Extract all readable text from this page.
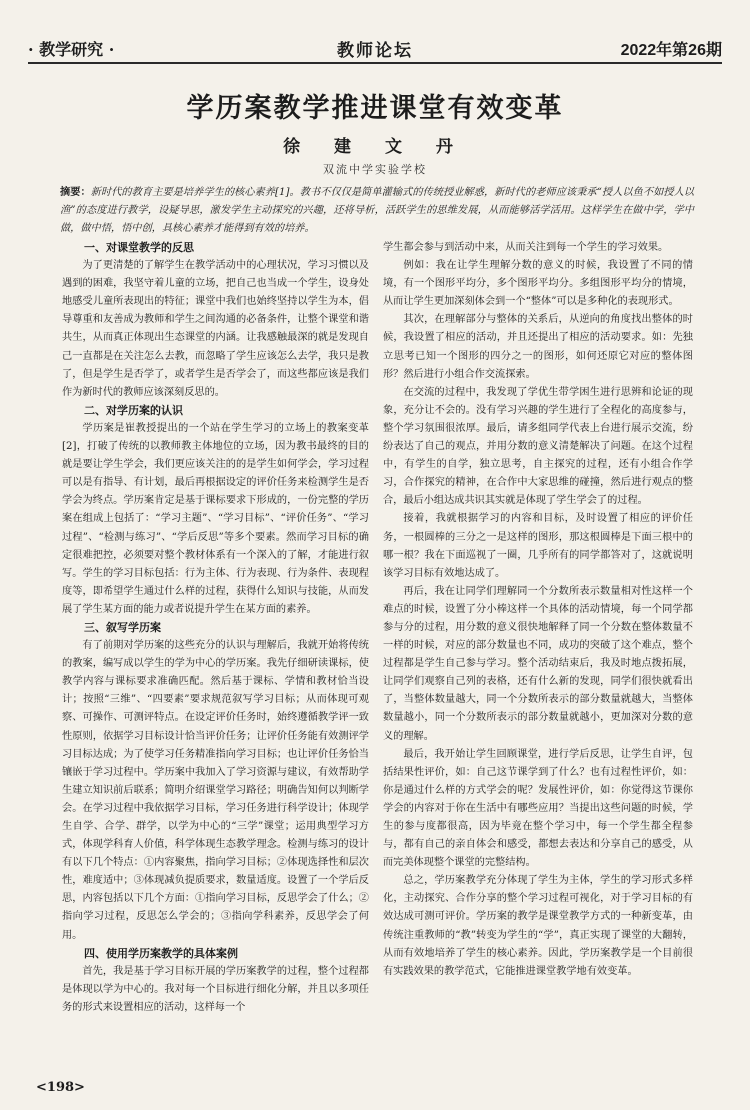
· 教学研究 ·	教师论坛	2022年第26期
学历案教学推进课堂有效变革
徐 建 文 丹
双流中学实验学校
摘要：新时代的教育主要是培养学生的核心素养[1]。教书不仅仅是简单灌输式的传统授业解惑，新时代的老师应该秉承“授人以鱼不如授人以渔”的态度进行教学，设疑导思，激发学生主动探究的兴趣，还将导析，活跃学生的思维发展，从而能够活学活用。这样学生在做中学，学中做，做中悟，悟中创，具核心素养才能得到有效的培养。
一、对课堂教学的反思

为了更清楚的了解学生在教学活动中的心理状况，学习习惯以及遇到的困难，我坚守着儿童的立场，把自己也当成一个学生，设身处地感受儿童所表现出的特征；课堂中我们也始终坚持以学生为本，倡导尊重和友善成为教师和学生之间沟通的必备条件，让整个课堂和谐共生，从而真正体现出生态课堂的内涵。让我感触最深的就是发现自己一直都是在关注怎么去教，而忽略了学生应该怎么去学，我只是教了，但是学生是否学了，或者学生是否学会了，而这些都应该是我们作为新时代的教师应该深刻反思的。

二、对学历案的认识

学历案是崔教授提出的一个站在学生学习的立场上的教案变革[2]，打破了传统的以教师教主体地位的立场，因为教书最终的目的就是要让学生学会，我们更应该关注的的是学生如何学会，学习过程可以是有指导、有计划，最后再根据设定的评价任务来检测学生是否学会为终点。学历案肯定是基于课标要求下形成的，一份完整的学历案在组成上包括了：“学习主题”、“学习目标”、“评价任务”、“学习过程”、“检测与练习”、“学后反思”等多个要素。然而学习目标的确定很难把控，必须要对整个教材体系有一个深入的了解，才能进行叙写。学生的学习目标包括：行为主体、行为表现、行为条件、表现程度等，即希望学生通过什么样的过程，获得什么知识与技能，从而发展了学生某方面的能力或者说提升学生在某方面的素养。

三、叙写学历案

有了前期对学历案的这些充分的认识与理解后，我就开始将传统的教案，编写成以学生的学为中心的学历案。我先仔细研读课标，使教学内容与课标要求准确匹配。然后基于课标、学情和教材恰当设计；按照“三维”、“四要素”要求规范叙写学习目标；从而体现可观察、可操作、可测评特点。在设定评价任务时，始终遵循教学评一致性原则，依据学习目标设计恰当评价任务；让评价任务能有效测评学习目标达成；为了使学习任务精准指向学习目标；也让评价任务恰当镶嵌于学习过程中。学历案中我加入了学习资源与建议，有效帮助学生建立知识前后联系；简明介绍课堂学习路径；明确告知何以判断学会。在学习过程中我依据学习目标，学习任务进行科学设计；体现学生自学、合学、群学，以学为中心的“三学”课堂；运用典型学习方式，体现学科育人价值，科学体现生态教学理念。检测与练习的设计有以下几个特点：①内容聚焦，指向学习目标；②体现选择性和层次性，难度适中；③体现减负提质要求，数量适度。设置了一个学后反思，内容包括以下几个方面：①指向学习目标，反思学会了什么；②指向学习过程，反思怎么学会的；③指向学科素养，反思学会了何用。

四、使用学历案教学的具体案例

首先，我是基于学习目标开展的学历案教学的过程，整个过程都是体现以学为中心的。我对每一个目标进行细化分解，并且以多项任务的形式来设置相应的活动，这样每一个

学生都会参与到活动中来，从而关注到每一个学生的学习效果。

例如：我在让学生理解分数的意义的时候，我设置了不同的情境，有一个图形平均分，多个图形平均分。多组图形平均分的情境，从而让学生更加深刻体会到一个“整体”可以是多种化的表现形式。

其次，在理解部分与整体的关系后，从逆向的角度找出整体的时候，我设置了相应的活动，并且还提出了相应的活动要求。如：先独立思考已知一个图形的四分之一的图形，如何还原它对应的整体图形？然后进行小组合作交流探索。

在交流的过程中，我发现了学优生带学困生进行思辨和论证的现象，充分让不会的。没有学习兴趣的学生进行了全程化的高度参与，整个学习氛围很浓厚。最后，请多组同学代表上台进行展示交流，纷纷表达了自己的观点，并用分数的意义清楚解决了问题。在这个过程中，有学生的自学，独立思考，自主探究的过程，还有小组合作学习，合作探究的精神，在合作中大家思维的碰撞，然后进行观点的整合，最后小组达成共识其实就是体现了学生学会了的过程。

接着，我就根据学习的内容和目标，及时设置了相应的评价任务，一根圆棒的三分之一是这样的图形，那这根圆棒是下面三根中的哪一根？我在下面巡视了一圈，几乎所有的同学都答对了，这就说明该学习目标有效地达成了。

再后，我在让同学们理解同一个分数所表示数量相对性这样一个难点的时候，设置了分小棒这样一个具体的活动情境，每一个同学都参与分的过程，用分数的意义很快地解释了同一个分数在整体数量不一样的时候，对应的部分数量也不同，成功的突破了这个难点，整个过程都是学生自己参与学习。整个活动结束后，我及时地点拨拓展，让同学们观察自己列的表格，还有什么新的发现，同学们很快就看出了，当整体数量越大，同一个分数所表示的部分数量就越大，当整体数量越小，同一个分数所表示的部分数量就越小，更加深对分数的意义的理解。

最后，我开始让学生回顾课堂，进行学后反思，让学生自评，包括结果性评价，如：自己这节课学到了什么？也有过程性评价，如：你是通过什么样的方式学会的呢？发展性评价，如：你觉得这节课你学会的内容对于你在生活中有哪些应用？当提出这些问题的时候，学生的参与度都很高，因为毕竟在整个学习中，每一个学生都全程参与，都有自己的亲自体会和感受，都想去表达和分享自己的感受，从而完美体现整个课堂的完整结构。

总之，学历案教学充分体现了学生为主体，学生的学习形式多样化，主动探究、合作分享的整个学习过程可视化，对于学习目标的有效达成可测可评价。学历案的教学是课堂教学方式的一种新变革，由传统注重教师的“教”转变为学生的“学”，真正实现了课堂的大翻转，从而有效地培养了学生的核心素养。因此，学历案教学是一个目前很有实践效果的教学范式，它能推进课堂教学地有效变革。

<198>
